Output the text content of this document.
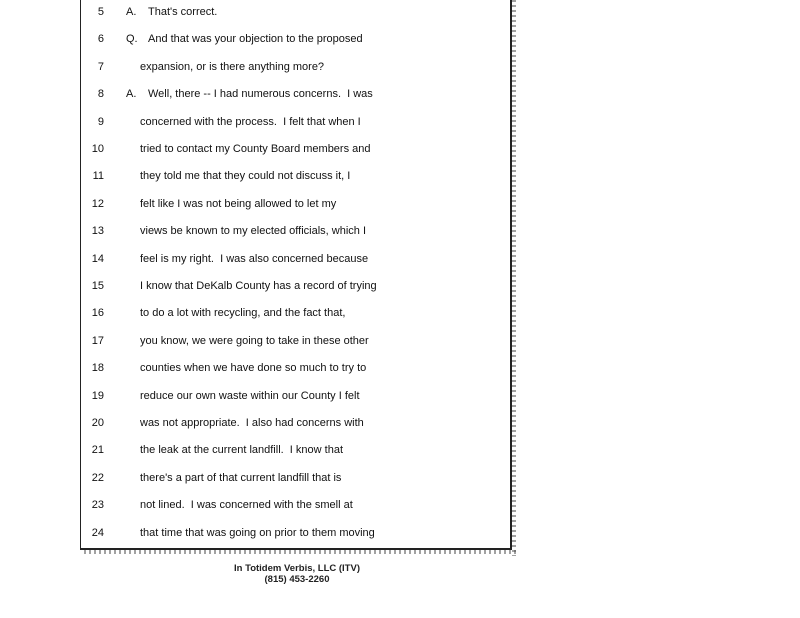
5 A. That's correct.
6 Q. And that was your objection to the proposed
7	expansion, or is there anything more?
8 A. Well, there -- I had numerous concerns.  I was
9	concerned with the process.  I felt that when I
10	tried to contact my County Board members and
11	they told me that they could not discuss it, I
12	felt like I was not being allowed to let my
13	views be known to my elected officials, which I
14	feel is my right.  I was also concerned because
15	I know that DeKalb County has a record of trying
16	to do a lot with recycling, and the fact that,
17	you know, we were going to take in these other
18	counties when we have done so much to try to
19	reduce our own waste within our County I felt
20	was not appropriate.  I also had concerns with
21	the leak at the current landfill.  I know that
22	there's a part of that current landfill that is
23	not lined.  I was concerned with the smell at
24	that time that was going on prior to them moving
In Totidem Verbis, LLC (ITV)
(815) 453-2260
